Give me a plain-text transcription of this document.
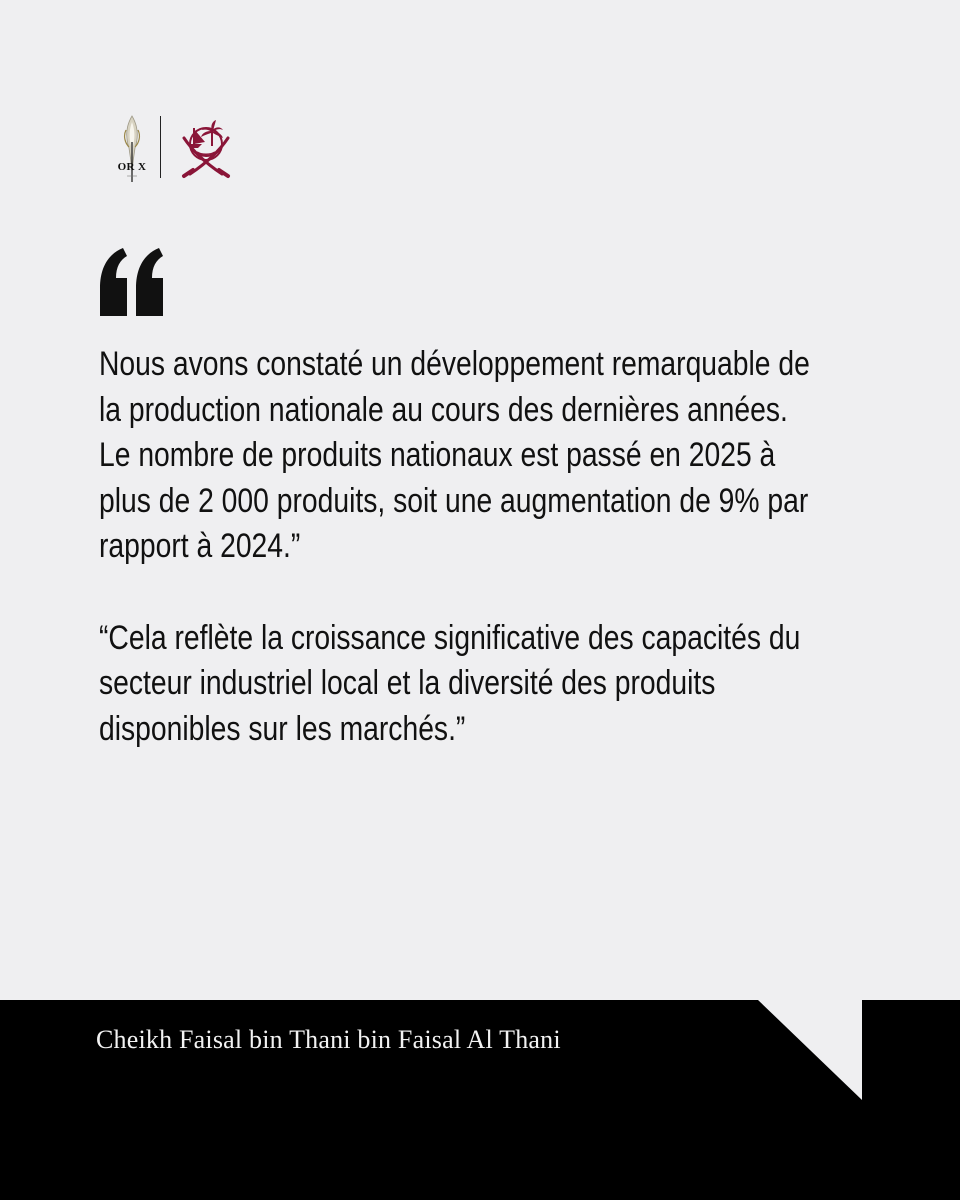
OR X

Nous avons constaté un développement remarquable de la production nationale au cours des dernières années. Le nombre de produits nationaux est passé en 2025 à plus de 2 000 produits, soit une augmentation de 9% par rapport à 2024.”

“Cela reflète la croissance significative des capacités du secteur industriel local et la diversité des produits disponibles sur les marchés.”

Cheikh Faisal bin Thani bin Faisal Al Thani
